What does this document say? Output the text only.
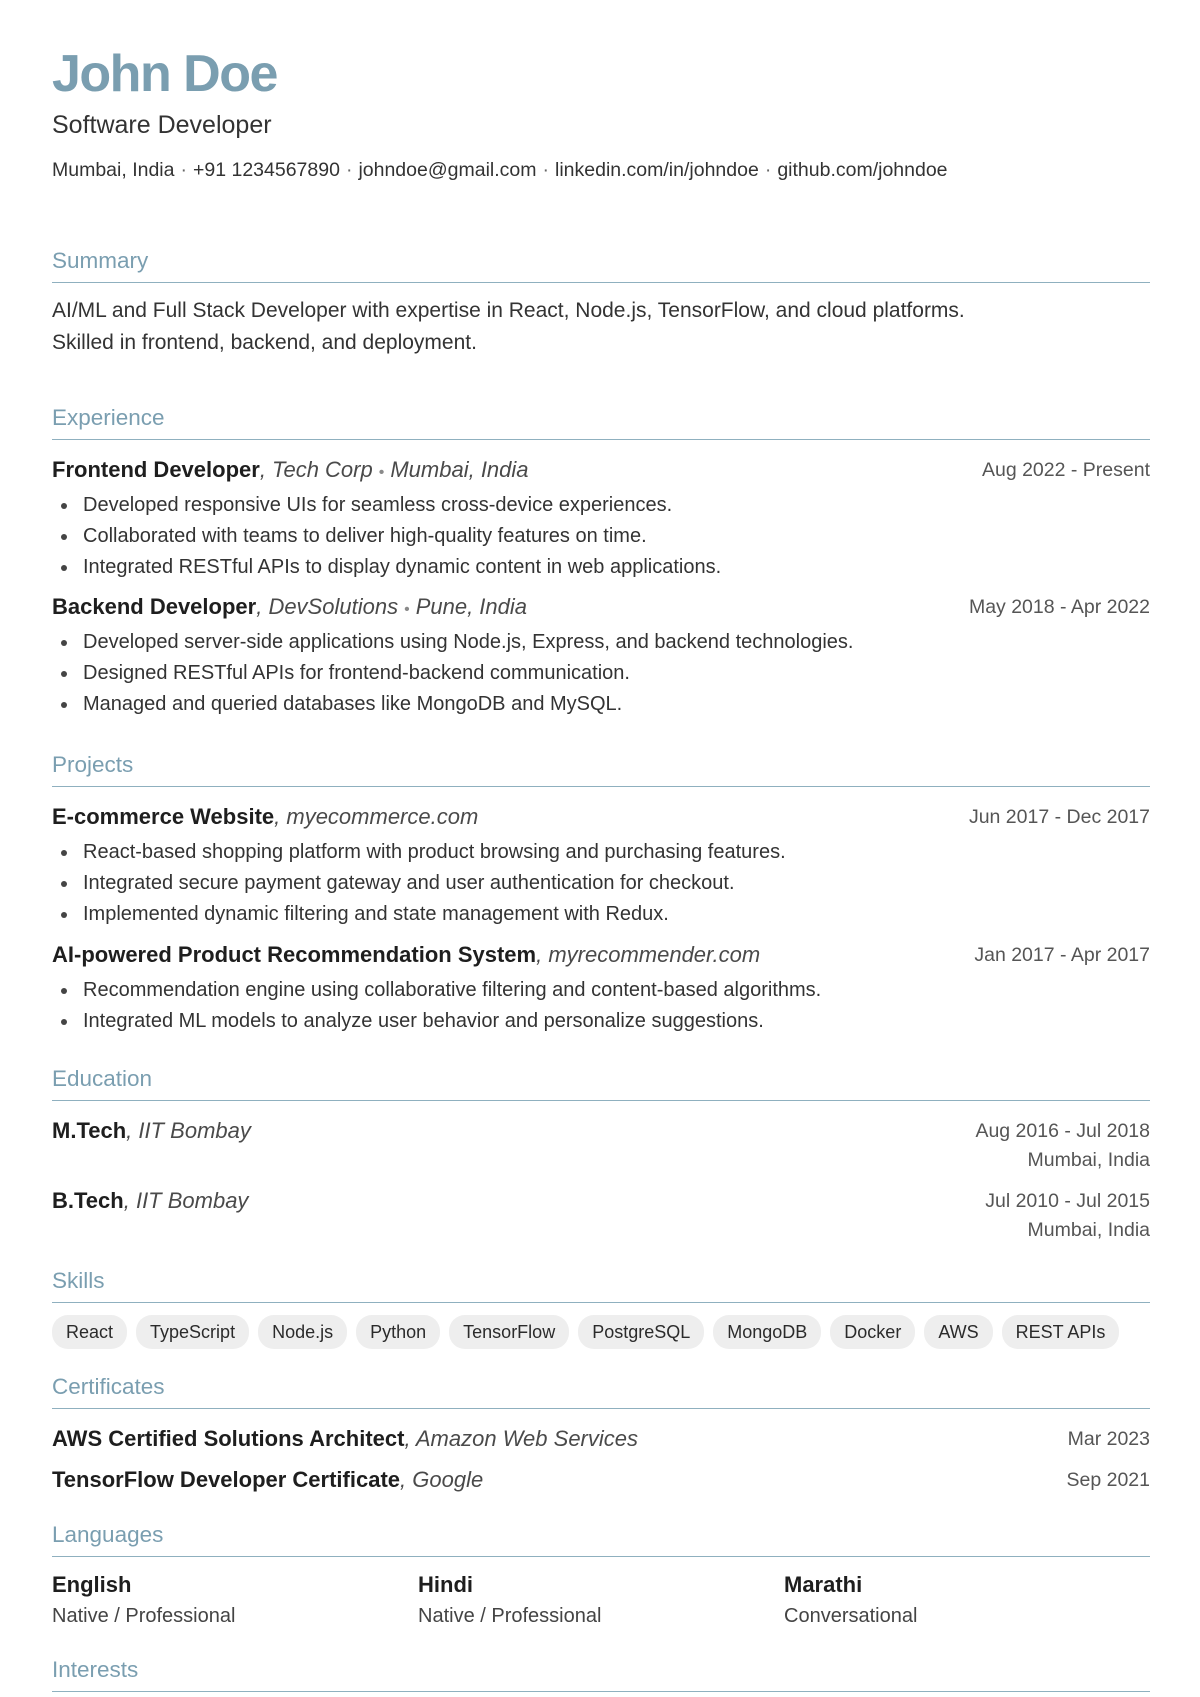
John Doe
Software Developer
Mumbai, India · +91 1234567890 · johndoe@gmail.com · linkedin.com/in/johndoe · github.com/johndoe
Summary
AI/ML and Full Stack Developer with expertise in React, Node.js, TensorFlow, and cloud platforms.
Skilled in frontend, backend, and deployment.
Experience
Frontend Developer, Tech Corp • Mumbai, India	Aug 2022 - Present
Developed responsive UIs for seamless cross-device experiences.
Collaborated with teams to deliver high-quality features on time.
Integrated RESTful APIs to display dynamic content in web applications.
Backend Developer, DevSolutions • Pune, India	May 2018 - Apr 2022
Developed server-side applications using Node.js, Express, and backend technologies.
Designed RESTful APIs for frontend-backend communication.
Managed and queried databases like MongoDB and MySQL.
Projects
E-commerce Website, myecommerce.com	Jun 2017 - Dec 2017
React-based shopping platform with product browsing and purchasing features.
Integrated secure payment gateway and user authentication for checkout.
Implemented dynamic filtering and state management with Redux.
AI-powered Product Recommendation System, myrecommender.com	Jan 2017 - Apr 2017
Recommendation engine using collaborative filtering and content-based algorithms.
Integrated ML models to analyze user behavior and personalize suggestions.
Education
M.Tech, IIT Bombay	Aug 2016 - Jul 2018
Mumbai, India
B.Tech, IIT Bombay	Jul 2010 - Jul 2015
Mumbai, India
Skills
React	TypeScript	Node.js	Python	TensorFlow	PostgreSQL	MongoDB	Docker	AWS	REST APIs
Certificates
AWS Certified Solutions Architect, Amazon Web Services	Mar 2023
TensorFlow Developer Certificate, Google	Sep 2021
Languages
English
Native / Professional
Hindi
Native / Professional
Marathi
Conversational
Interests
